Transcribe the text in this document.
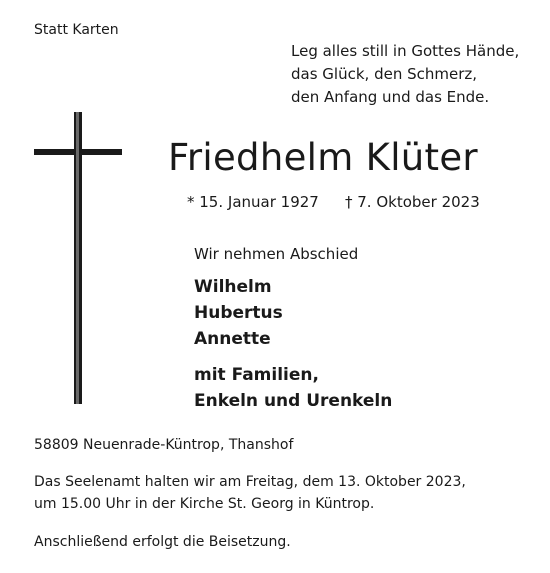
Statt Karten
Leg alles still in Gottes Hände,
das Glück, den Schmerz,
den Anfang und das Ende.
Friedhelm Klüter
* 15. Januar 1927 † 7. Oktober 2023
Wir nehmen Abschied
Wilhelm
Hubertus
Annette
mit Familien,
Enkeln und Urenkeln
58809 Neuenrade-Küntrop, Thanshof

Das Seelenamt halten wir am Freitag, dem 13. Oktober 2023,

um 15.00 Uhr in der Kirche St. Georg in Küntrop.

Anschließend erfolgt die Beisetzung.
